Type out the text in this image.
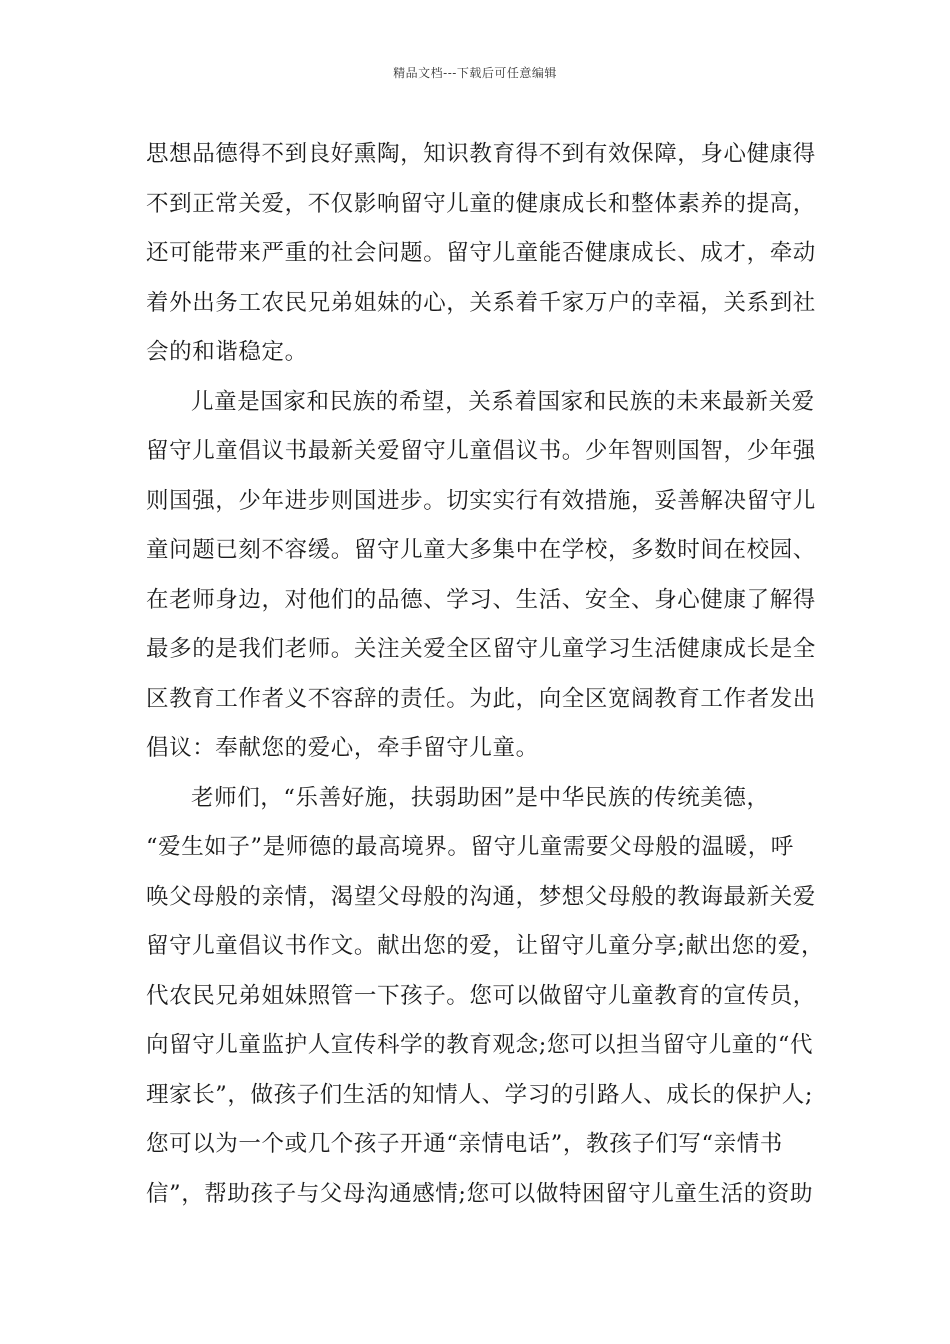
精品文档---下载后可任意编辑
思想品德得不到良好熏陶，知识教育得不到有效保障，身心健康得
不到正常关爱，不仅影响留守儿童的健康成长和整体素养的提高，
还可能带来严重的社会问题。留守儿童能否健康成长、成才，牵动
着外出务工农民兄弟姐妹的心，关系着千家万户的幸福，关系到社
会的和谐稳定。
儿童是国家和民族的希望，关系着国家和民族的未来最新关爱
留守儿童倡议书最新关爱留守儿童倡议书。少年智则国智，少年强
则国强，少年进步则国进步。切实实行有效措施，妥善解决留守儿
童问题已刻不容缓。留守儿童大多集中在学校，多数时间在校园、
在老师身边，对他们的品德、学习、生活、安全、身心健康了解得
最多的是我们老师。关注关爱全区留守儿童学习生活健康成长是全
区教育工作者义不容辞的责任。为此，向全区宽阔教育工作者发出
倡议：奉献您的爱心，牵手留守儿童。
老师们，“乐善好施，扶弱助困”是中华民族的传统美德，
“爱生如子”是师德的最高境界。留守儿童需要父母般的温暖，呼
唤父母般的亲情，渴望父母般的沟通，梦想父母般的教诲最新关爱
留守儿童倡议书作文。献出您的爱，让留守儿童分享;献出您的爱，
代农民兄弟姐妹照管一下孩子。您可以做留守儿童教育的宣传员，
向留守儿童监护人宣传科学的教育观念;您可以担当留守儿童的“代
理家长”，做孩子们生活的知情人、学习的引路人、成长的保护人;
您可以为一个或几个孩子开通“亲情电话”，教孩子们写“亲情书
信”，帮助孩子与父母沟通感情;您可以做特困留守儿童生活的资助
